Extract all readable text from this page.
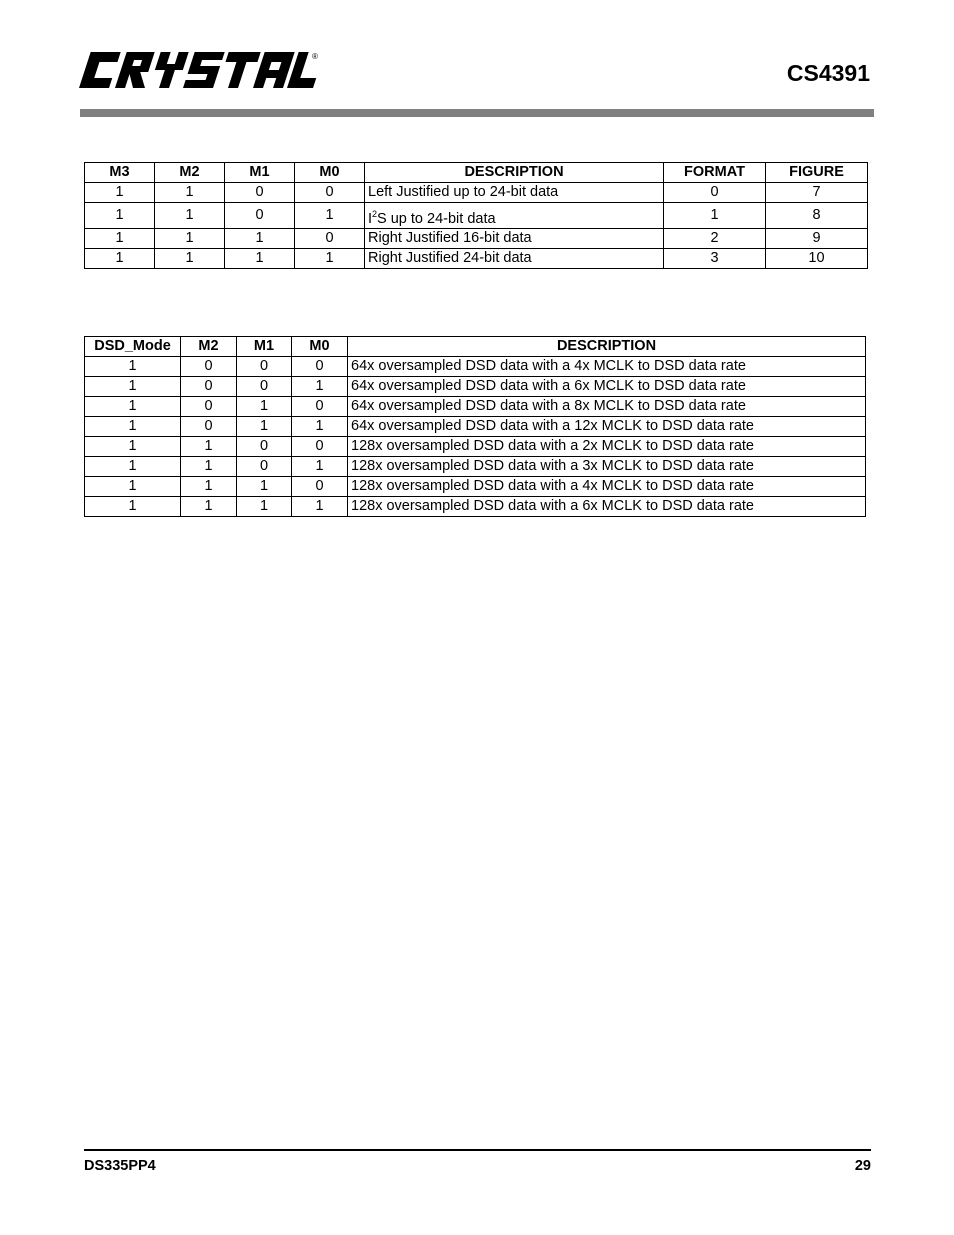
®
CS4391
M3	M2	M1	M0	DESCRIPTION	FORMAT	FIGURE
1	1	0	0	Left Justified up to 24-bit data	0	7
1	1	0	1	$I^2S$ up to 24-bit data	1	8
1	1	1	0	Right Justified 16-bit data	2	9
1	1	1	1	Right Justified 24-bit data	3	10
DSD_Mode	M2	M1	M0	DESCRIPTION
1	0	0	0	64x oversampled DSD data with a 4x MCLK to DSD data rate
1	0	0	1	64x oversampled DSD data with a 6x MCLK to DSD data rate
1	0	1	0	64x oversampled DSD data with a 8x MCLK to DSD data rate
1	0	1	1	64x oversampled DSD data with a 12x MCLK to DSD data rate
1	1	0	0	128x oversampled DSD data with a 2x MCLK to DSD data rate
1	1	0	1	128x oversampled DSD data with a 3x MCLK to DSD data rate
1	1	1	0	128x oversampled DSD data with a 4x MCLK to DSD data rate
1	1	1	1	128x oversampled DSD data with a 6x MCLK to DSD data rate
DS335PP4	29
